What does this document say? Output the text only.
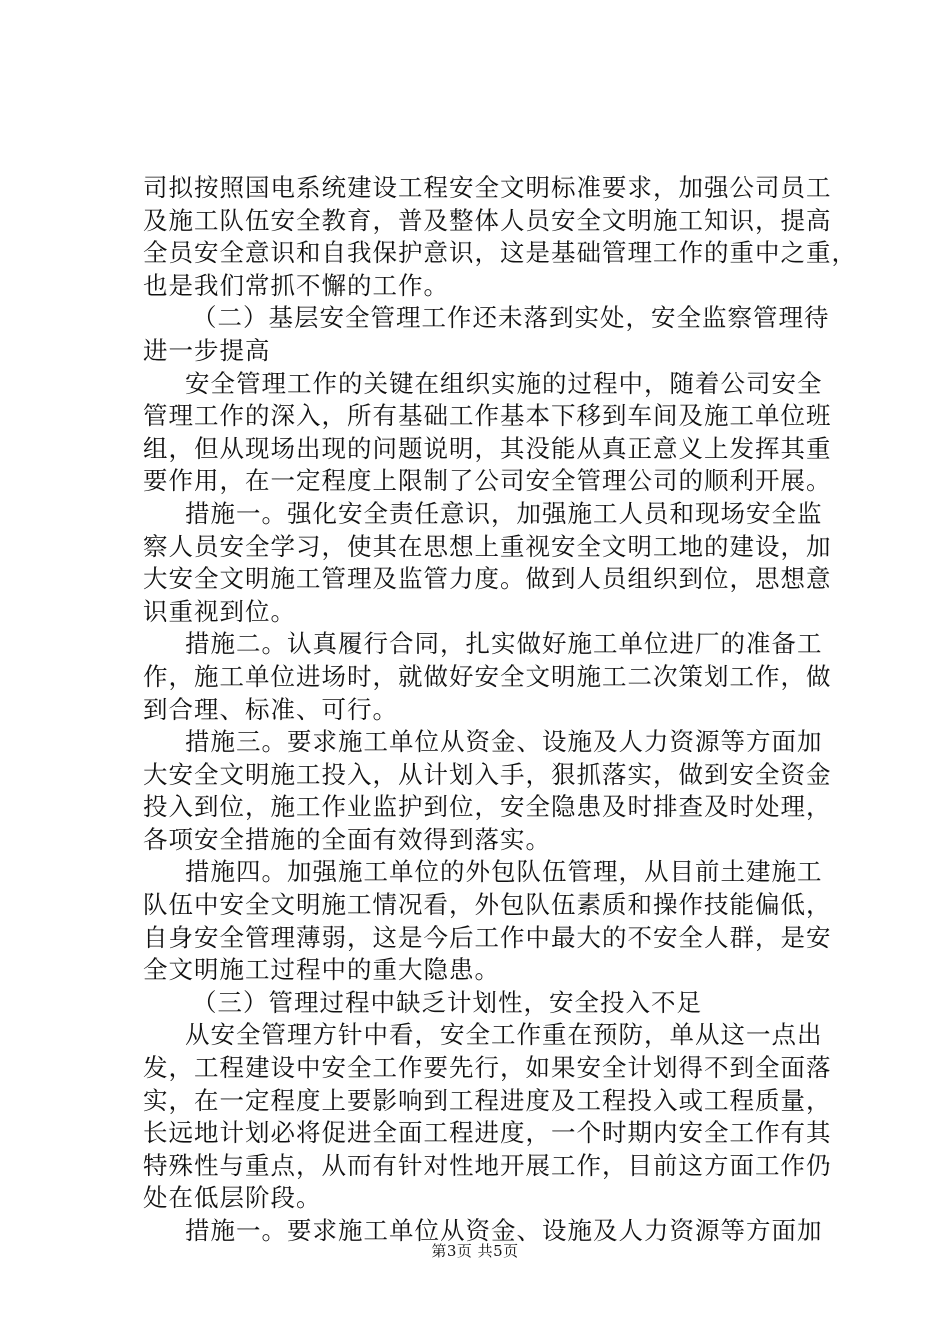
司拟按照国电系统建设工程安全文明标准要求，加强公司员工
及施工队伍安全教育，普及整体人员安全文明施工知识，提高
全员安全意识和自我保护意识，这是基础管理工作的重中之重，
也是我们常抓不懈的工作。
（二）基层安全管理工作还未落到实处，安全监察管理待
进一步提高
安全管理工作的关键在组织实施的过程中，随着公司安全
管理工作的深入，所有基础工作基本下移到车间及施工单位班
组，但从现场出现的问题说明，其没能从真正意义上发挥其重
要作用，在一定程度上限制了公司安全管理公司的顺利开展。
措施一。强化安全责任意识，加强施工人员和现场安全监
察人员安全学习，使其在思想上重视安全文明工地的建设，加
大安全文明施工管理及监管力度。做到人员组织到位，思想意
识重视到位。
措施二。认真履行合同，扎实做好施工单位进厂的准备工
作，施工单位进场时，就做好安全文明施工二次策划工作，做
到合理、标准、可行。
措施三。要求施工单位从资金、设施及人力资源等方面加
大安全文明施工投入，从计划入手，狠抓落实，做到安全资金
投入到位，施工作业监护到位，安全隐患及时排查及时处理，
各项安全措施的全面有效得到落实。
措施四。加强施工单位的外包队伍管理，从目前土建施工
队伍中安全文明施工情况看，外包队伍素质和操作技能偏低，
自身安全管理薄弱，这是今后工作中最大的不安全人群，是安
全文明施工过程中的重大隐患。
（三）管理过程中缺乏计划性，安全投入不足
从安全管理方针中看，安全工作重在预防，单从这一点出
发，工程建设中安全工作要先行，如果安全计划得不到全面落
实，在一定程度上要影响到工程进度及工程投入或工程质量，
长远地计划必将促进全面工程进度，一个时期内安全工作有其
特殊性与重点，从而有针对性地开展工作，目前这方面工作仍
处在低层阶段。
措施一。要求施工单位从资金、设施及人力资源等方面加
第3页 共5页
